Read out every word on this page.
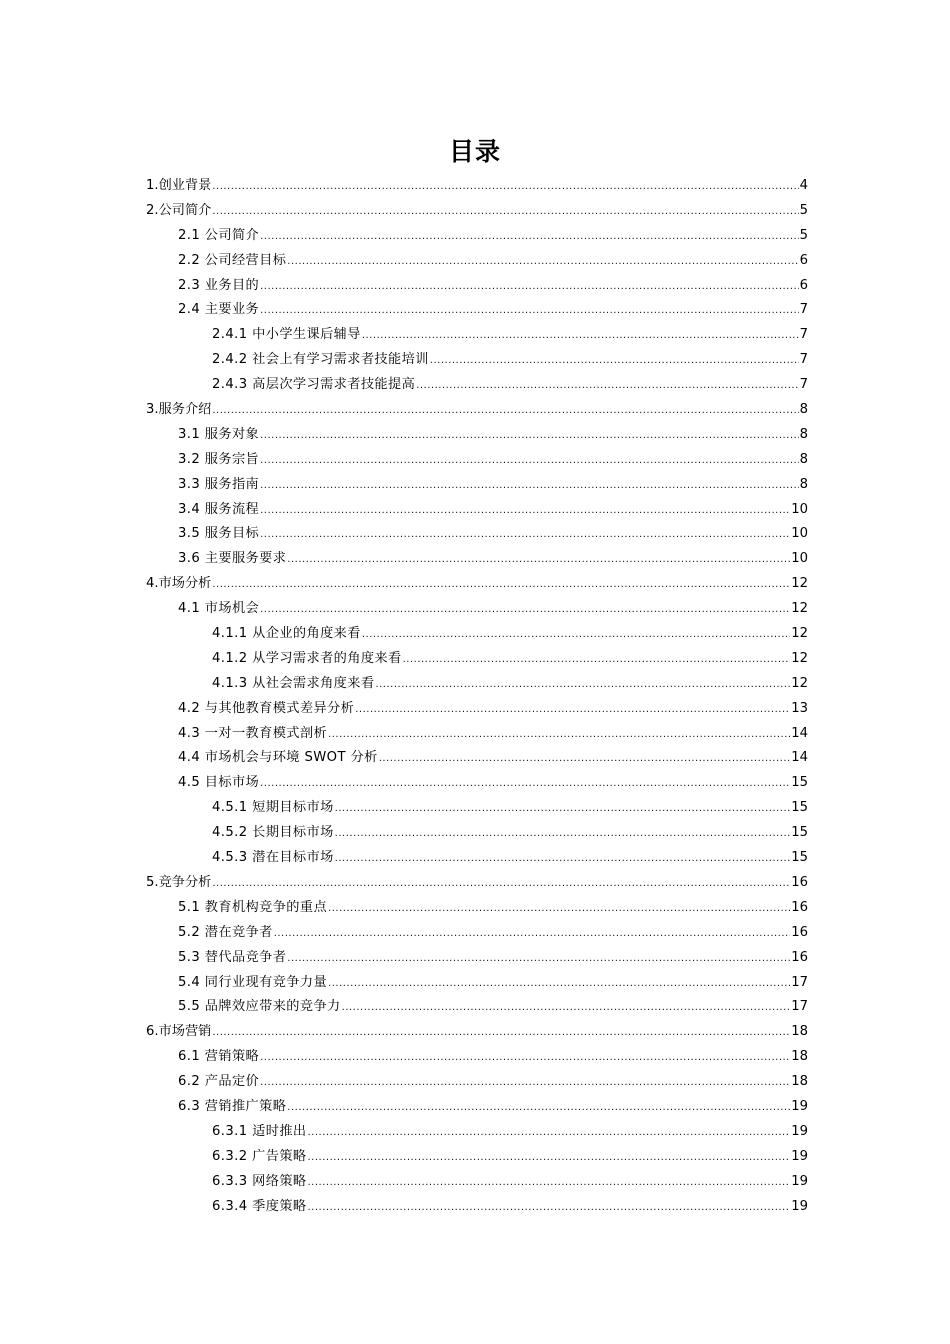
目录
1.创业背景 .....	4
2.公司简介 .....	5
2.1 公司简介 .....	5
2.2 公司经营目标 .....	6
2.3 业务目的 .....	6
2.4 主要业务 .....	7
2.4.1 中小学生课后辅导 .....	7
2.4.2 社会上有学习需求者技能培训 .....	7
2.4.3 高层次学习需求者技能提高 .....	7
3.服务介绍 .....	8
3.1 服务对象 .....	8
3.2 服务宗旨 .....	8
3.3 服务指南 .....	8
3.4 服务流程 .....	10
3.5 服务目标 .....	10
3.6 主要服务要求 .....	10
4.市场分析 .....	12
4.1 市场机会 .....	12
4.1.1 从企业的角度来看 .....	12
4.1.2 从学习需求者的角度来看 .....	12
4.1.3 从社会需求角度来看 .....	12
4.2 与其他教育模式差异分析 .....	13
4.3 一对一教育模式剖析 .....	14
4.4 市场机会与环境 SWOT 分析 .....	14
4.5 目标市场 .....	15
4.5.1 短期目标市场 .....	15
4.5.2 长期目标市场 .....	15
4.5.3 潜在目标市场 .....	15
5.竞争分析 .....	16
5.1 教育机构竞争的重点 .....	16
5.2 潜在竞争者 .....	16
5.3 替代品竞争者 .....	16
5.4 同行业现有竞争力量 .....	17
5.5 品牌效应带来的竞争力 .....	17
6.市场营销 .....	18
6.1 营销策略 .....	18
6.2 产品定价 .....	18
6.3 营销推广策略 .....	19
6.3.1 适时推出 .....	19
6.3.2 广告策略 .....	19
6.3.3 网络策略 .....	19
6.3.4 季度策略 .....	19
